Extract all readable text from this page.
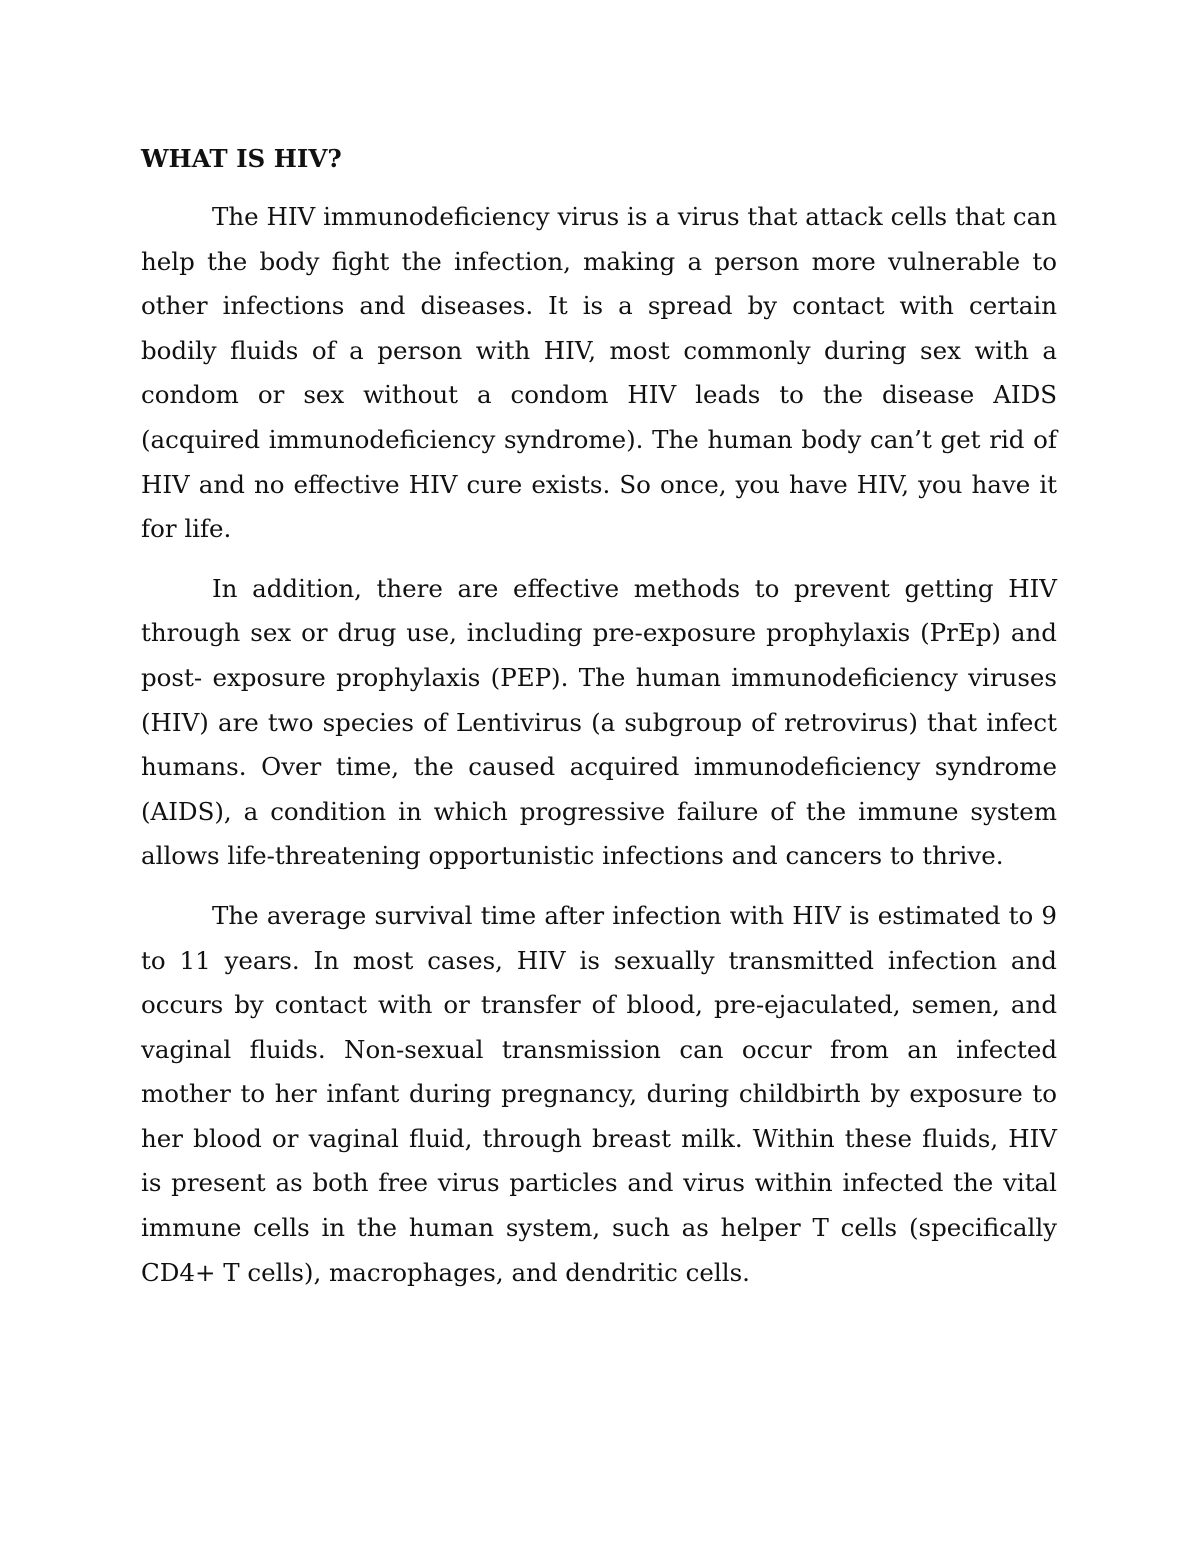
WHAT IS HIV?

The HIV immunodeficiency virus is a virus that attack cells that can help the body fight the infection, making a person more vulnerable to other infections and diseases. It is a spread by contact with certain bodily fluids of a person with HIV, most commonly during sex with a condom or sex without a condom HIV leads to the disease AIDS (acquired immunodeficiency syndrome). The human body can’t get rid of HIV and no effective HIV cure exists. So once, you have HIV, you have it for life.

In addition, there are effective methods to prevent getting HIV through sex or drug use, including pre-exposure prophylaxis (PrEp) and post- exposure prophylaxis (PEP). The human immunodeficiency viruses (HIV) are two species of Lentivirus (a subgroup of retrovirus) that infect humans. Over time, the caused acquired immunodeficiency syndrome (AIDS), a condition in which progressive failure of the immune system allows life-threatening opportunistic infections and cancers to thrive.

The average survival time after infection with HIV is estimated to 9 to 11 years. In most cases, HIV is sexually transmitted infection and occurs by contact with or transfer of blood, pre-ejaculated, semen, and vaginal fluids. Non-sexual transmission can occur from an infected mother to her infant during pregnancy, during childbirth by exposure to her blood or vaginal fluid, through breast milk. Within these fluids, HIV is present as both free virus particles and virus within infected the vital immune cells in the human system, such as helper T cells (specifically CD4+ T cells), macrophages, and dendritic cells.
